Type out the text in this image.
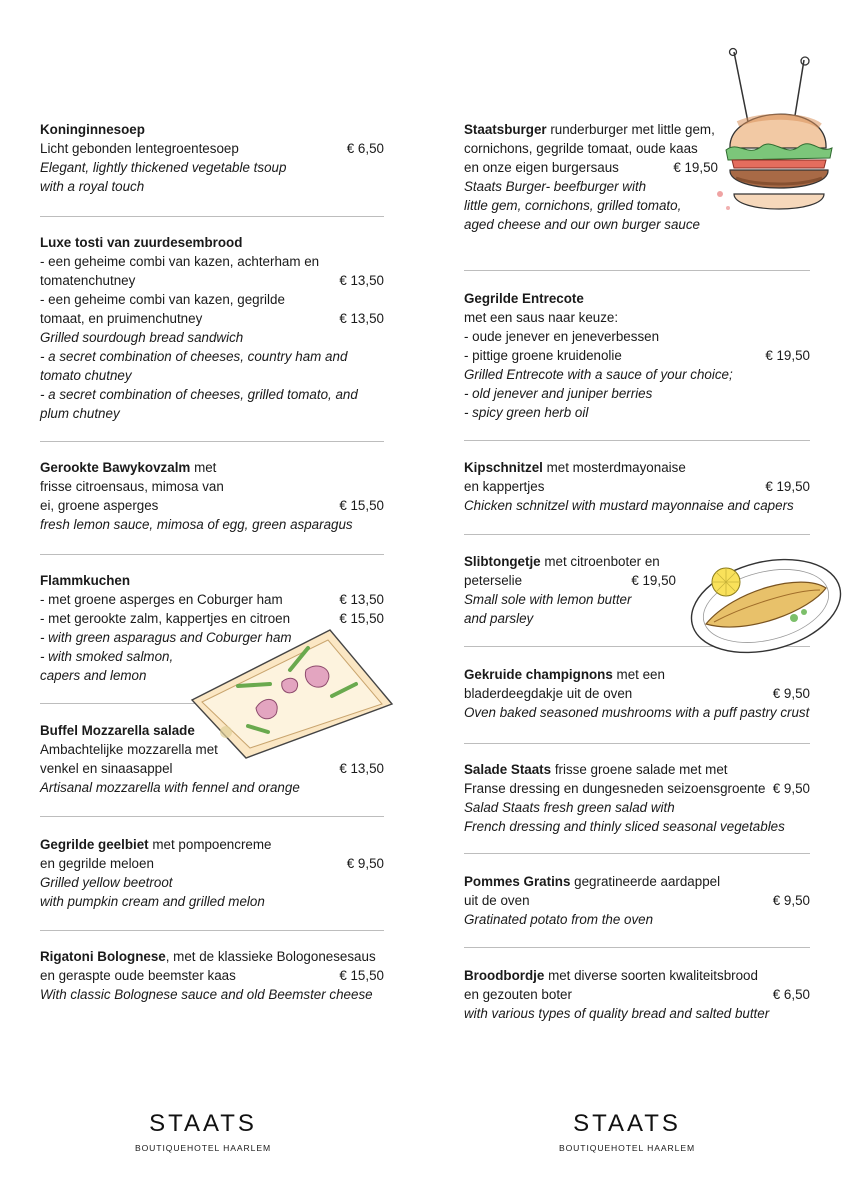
Koninginnesoep
Licht gebonden lentegroentesoep	€ 6,50
Elegant, lightly thickened vegetable tsoup
with a royal touch
Luxe tosti van zuurdesembrood
- een geheime combi van kazen, achterham en
tomatenchutney	€ 13,50
- een geheime combi van kazen, gegrilde
tomaat, en pruimenchutney	€ 13,50
Grilled sourdough bread sandwich
- a secret combination of cheeses, country ham and
tomato chutney
- a secret combination of cheeses, grilled tomato, and
plum chutney
Gerookte Bawykovzalm met
frisse citroensaus, mimosa van
ei, groene asperges	€ 15,50
fresh lemon sauce, mimosa of egg, green asparagus
Flammkuchen
- met groene asperges en Coburger ham	€ 13,50
- met gerookte zalm, kappertjes en citroen	€ 15,50
- with green asparagus and Coburger ham
- with smoked salmon,
capers and lemon
Buffel Mozzarella salade
Ambachtelijke mozzarella met
venkel en sinaasappel	€ 13,50
Artisanal mozzarella with fennel and orange
Gegrilde geelbiet met pompoencreme
en gegrilde meloen	€ 9,50
Grilled yellow beetroot
with pumpkin cream and grilled melon
Rigatoni Bolognese, met de klassieke Bologonesesaus
en geraspte oude beemster kaas	€ 15,50
With classic Bolognese sauce and old Beemster cheese
Staatsburger runderburger met little gem,
cornichons, gegrilde tomaat, oude kaas
en onze eigen burgersaus	€ 19,50
Staats Burger- beefburger with
little gem, cornichons, grilled tomato,
aged cheese and our own burger sauce
Gegrilde Entrecote
met een saus naar keuze:
- oude jenever en jeneverbessen
- pittige groene kruidenolie	€ 19,50
Grilled Entrecote with a sauce of your choice;
- old jenever and juniper berries
- spicy green herb oil
Kipschnitzel met mosterdmayonaise
en kappertjes	€ 19,50
Chicken schnitzel with mustard mayonnaise and capers
Slibtongetje met citroenboter en
peterselie	€ 19,50
Small sole with lemon butter
and parsley
Gekruide champignons met een
bladerdeegdakje uit de oven	€ 9,50
Oven baked seasoned mushrooms with a puff pastry crust
Salade Staats frisse groene salade met met
Franse dressing en dungesneden seizoensgroente € 9,50
Salad Staats fresh green salad with
French dressing and thinly sliced seasonal vegetables
Pommes Gratins gegratineerde aardappel
uit de oven	€ 9,50
Gratinated potato from the oven
Broodbordje met diverse soorten kwaliteitsbrood
en gezouten boter	€ 6,50
with various types of quality bread and salted butter
STAATS
BOUTIQUEHOTEL HAARLEM
STAATS
BOUTIQUEHOTEL HAARLEM
